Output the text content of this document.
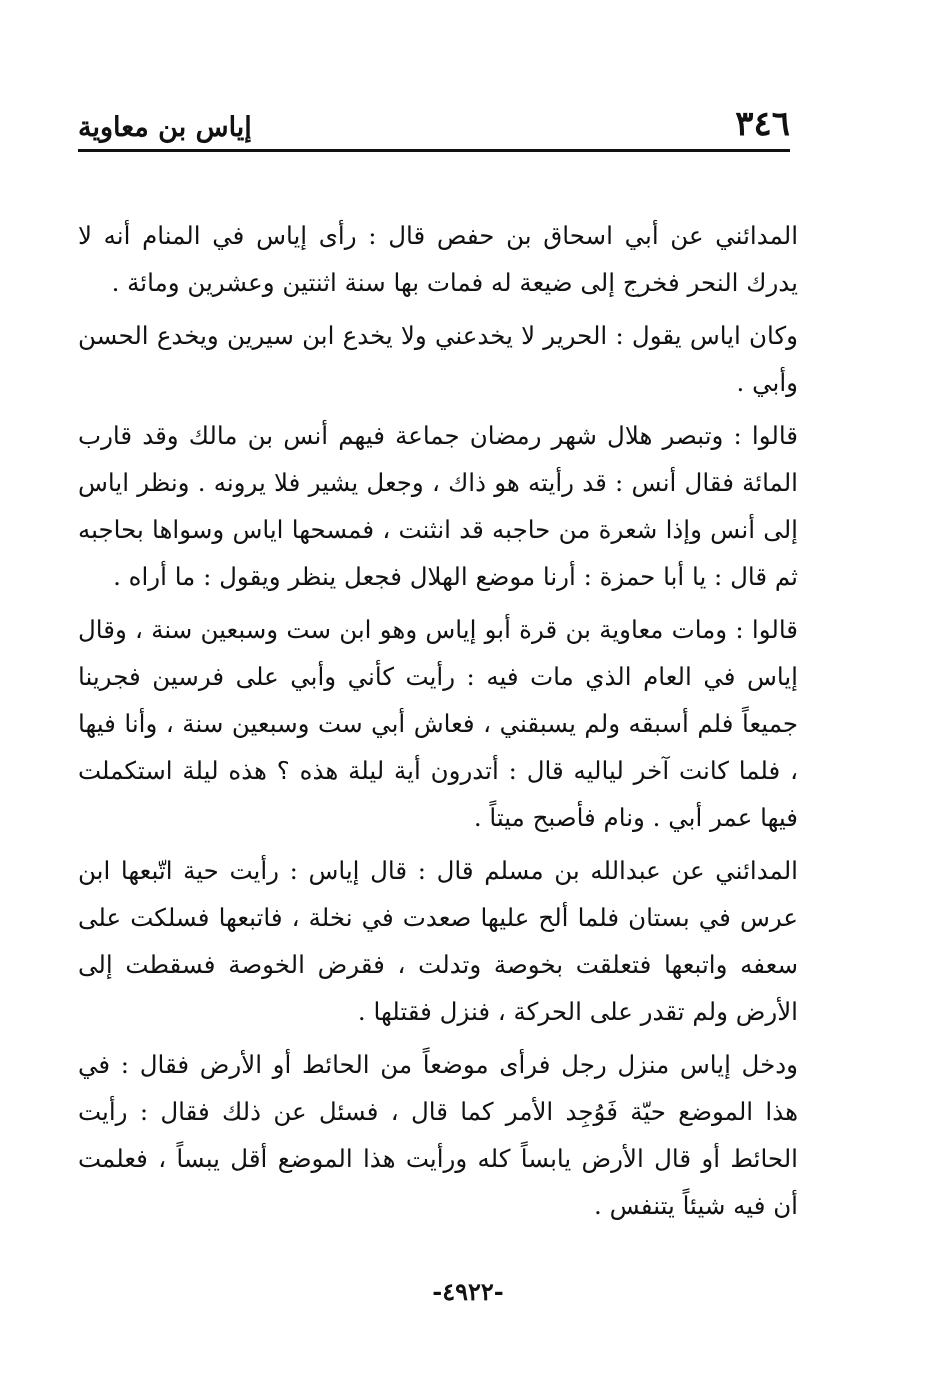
٣٤٦
إياس بن معاوية

المدائني عن أبي اسحاق بن حفص قال : رأى إياس في المنام أنه لا يدرك النحر فخرج إلى ضيعة له فمات بها سنة اثنتين وعشرين ومائة .

وكان اياس يقول : الحرير لا يخدعني ولا يخدع ابن سيرين ويخدع الحسن وأبي .

قالوا : وتبصر هلال شهر رمضان جماعة فيهم أنس بن مالك وقد قارب المائة فقال أنس : قد رأيته هو ذاك ، وجعل يشير فلا يرونه . ونظر اياس إلى أنس وإذا شعرة من حاجبه قد انثنت ، فمسحها اياس وسواها بحاجبه ثم قال : يا أبا حمزة : أرنا موضع الهلال فجعل ينظر ويقول : ما أراه .

قالوا : ومات معاوية بن قرة أبو إياس وهو ابن ست وسبعين سنة ، وقال إياس في العام الذي مات فيه : رأيت كأني وأبي على فرسين فجرينا جميعاً فلم أسبقه ولم يسبقني ، فعاش أبي ست وسبعين سنة ، وأنا فيها ، فلما كانت آخر لياليه قال : أتدرون أية ليلة هذه ؟ هذه ليلة استكملت فيها عمر أبي . ونام فأصبح ميتاً .

المدائني عن عبدالله بن مسلم قال : قال إياس : رأيت حية اتّبعها ابن عرس في بستان فلما ألح عليها صعدت في نخلة ، فاتبعها فسلكت على سعفه واتبعها فتعلقت بخوصة وتدلت ، فقرض الخوصة فسقطت إلى الأرض ولم تقدر على الحركة ، فنزل فقتلها .

ودخل إياس منزل رجل فرأى موضعاً من الحائط أو الأرض فقال : في هذا الموضع حيّة فَوُجِد الأمر كما قال ، فسئل عن ذلك فقال : رأيت الحائط أو قال الأرض يابساً كله ورأيت هذا الموضع أقل يبساً ، فعلمت أن فيه شيئاً يتنفس .

-٤٩٢٢-
